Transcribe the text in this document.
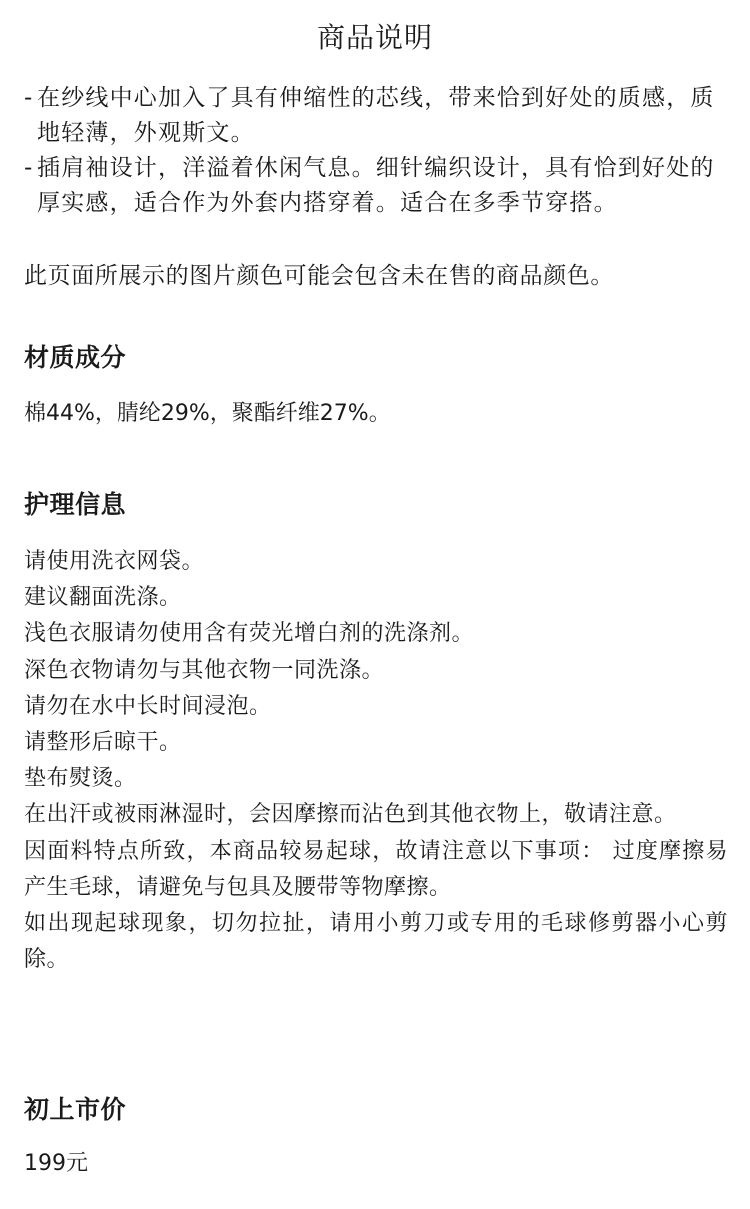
商品说明
- 在纱线中心加入了具有伸缩性的芯线，带来恰到好处的质感，质地轻薄，外观斯文。
- 插肩袖设计，洋溢着休闲气息。细针编织设计，具有恰到好处的厚实感，适合作为外套内搭穿着。适合在多季节穿搭。

此页面所展示的图片颜色可能会包含未在售的商品颜色。

材质成分

棉44%，腈纶29%，聚酯纤维27%。

护理信息
请使用洗衣网袋。
建议翻面洗涤。
浅色衣服请勿使用含有荧光增白剂的洗涤剂。
深色衣物请勿与其他衣物一同洗涤。
请勿在水中长时间浸泡。
请整形后晾干。
垫布熨烫。
在出汗或被雨淋湿时，会因摩擦而沾色到其他衣物上，敬请注意。
因面料特点所致，本商品较易起球，故请注意以下事项： 过度摩擦易产生毛球，请避免与包具及腰带等物摩擦。
如出现起球现象，切勿拉扯，请用小剪刀或专用的毛球修剪器小心剪除。
初上市价

199元
